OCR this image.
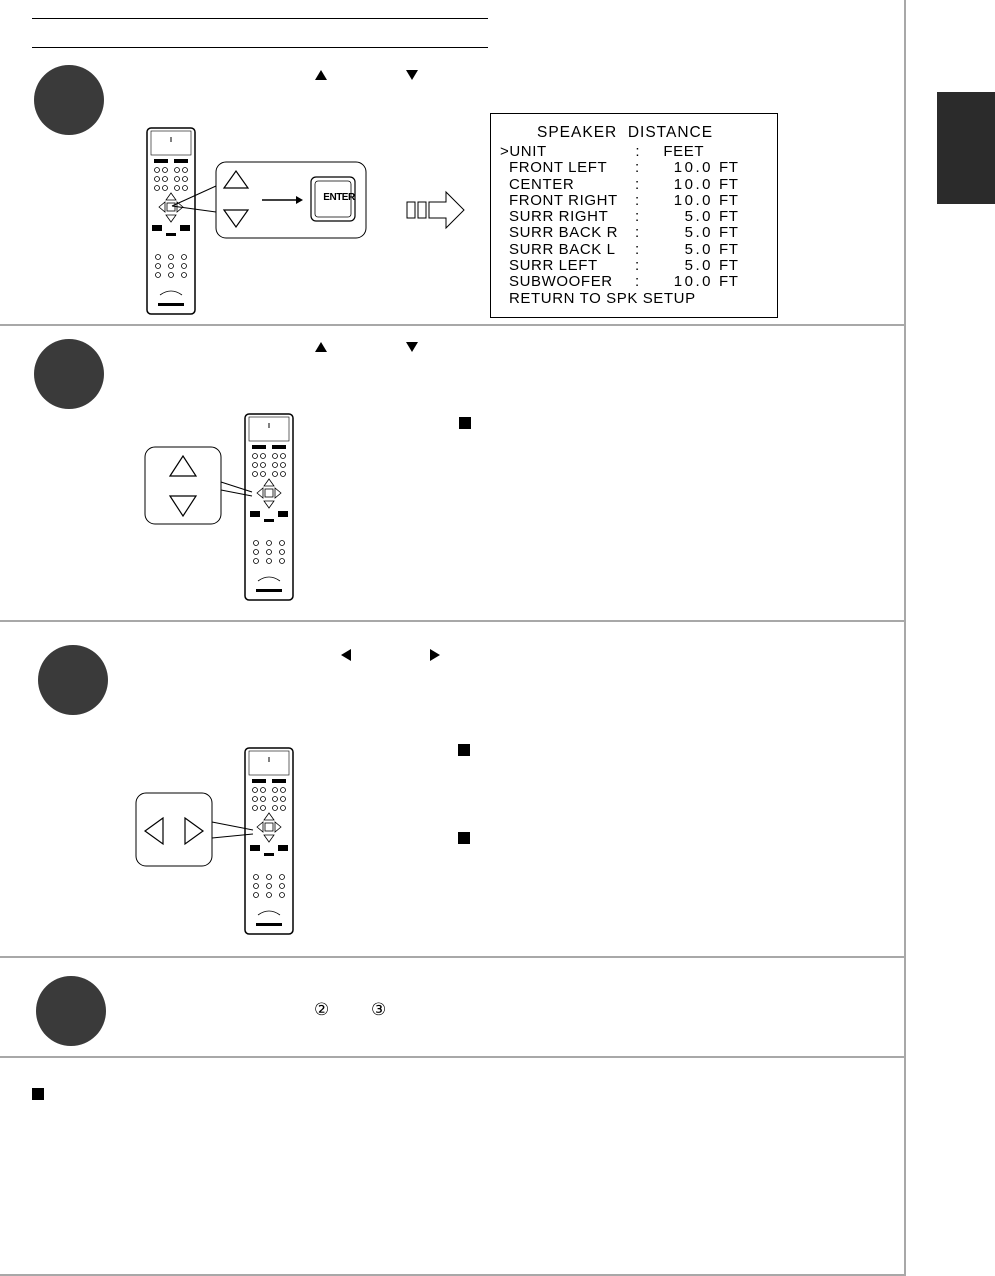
ENTER
SPEAKER  DISTANCE
>UNIT	: FEET
FRONT LEFT : 10.0 FT
CENTER	: 10.0 FT
FRONT RIGHT : 10.0 FT
SURR RIGHT :	5.0 FT
SURR BACK R :	5.0 FT
SURR BACK L :	5.0 FT
SURR LEFT :	5.0 FT
SUBWOOFER : 10.0 FT
RETURN TO SPK SETUP
② ③
